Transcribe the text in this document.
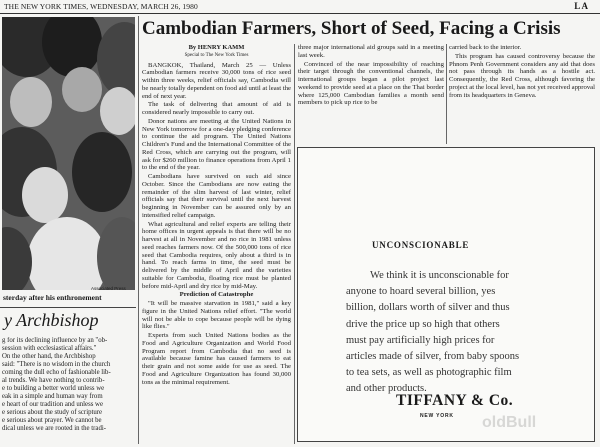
THE NEW YORK TIMES, WEDNESDAY, MARCH 26, 1980	L A
Associated Press
sterday after his enthronement
y Archbishop
g for its declining influence by an "ob-
session with ecclesiastical affairs."
On the other hand, the Archbishop
said: "There is no wisdom in the church
coming the dull echo of fashionable lib-
al trends. We have nothing to contrib-
e to building a better world unless we
eak in a simple and human way from
e heart of our tradition and unless we
e serious about the study of scripture
e serious about prayer. We cannot be
dical unless we are rooted in the tradi-
Cambodian Farmers, Short of Seed, Facing a Crisis
By HENRY KAMM
Special to The New York Times

BANGKOK, Thailand, March 25 — Unless Cambodian farmers receive 30,000 tons of rice seed within three weeks, relief officials say, Cambodia will be nearly totally dependent on food aid until at least the end of next year.

The task of delivering that amount of aid is considered nearly impossible to carry out.

Donor nations are meeting at the United Nations in New York tomorrow for a one-day pledging conference to continue the aid program. The United Nations Children's Fund and the International Committee of the Red Cross, which are carrying out the program, will ask for $260 million to finance operations from April 1 to the end of the year.

Cambodians have survived on such aid since October. Since the Cambodians are now eating the remainder of the slim harvest of last winter, relief officials say that their survival until the next harvest beginning in November can be assured only by an intensified relief campaign.

What agricultural and relief experts are telling their home offices in urgent appeals is that there will be no harvest at all in November and no rice in 1981 unless seed reaches farmers now. Of the 500,000 tons of rice seed that Cambodia requires, only about a third is in hand. To reach farms in time, the seed must be delivered by the middle of April and the varieties suitable for Cambodia, floating rice must be planted before mid-April and dry rice by mid-May.

Prediction of Catastrophe

"It will be massive starvation in 1981," said a key figure in the United Nations relief effort. "The world will not be able to cope because people will be dying like flies."

Experts from such United Nations bodies as the Food and Agriculture Organization and World Food Program report from Cambodia that no seed is available because famine has caused farmers to eat their grain and not some aside for use as seed. The Food and Agriculture Organization has found 30,000 tons as the minimal requirement.

three major international aid groups said in a meeting last week.

Convinced of the near impossibility of reaching their target through the conventional channels, the international groups began a pilot project last weekend to provide seed at a place on the Thai border where 125,000 Cambodian families a month send members to pick up rice to be

carried back to the interior.

This program has caused controversy because the Phnom Penh Government considers any aid that does not pass through its hands as a hostile act. Consequently, the Red Cross, although favoring the project at the local level, has not yet received approval from its headquarters in Geneva.

UNCONSCIONABLE
We think it is unconscionable for
anyone to hoard several billion, yes
billion, dollars worth of silver and thus
drive the price up so high that others
must pay artificially high prices for
articles made of silver, from baby spoons
to tea sets, as well as photographic film
and other products.
TIFFANY & Co.
NEW YORK oldBull
